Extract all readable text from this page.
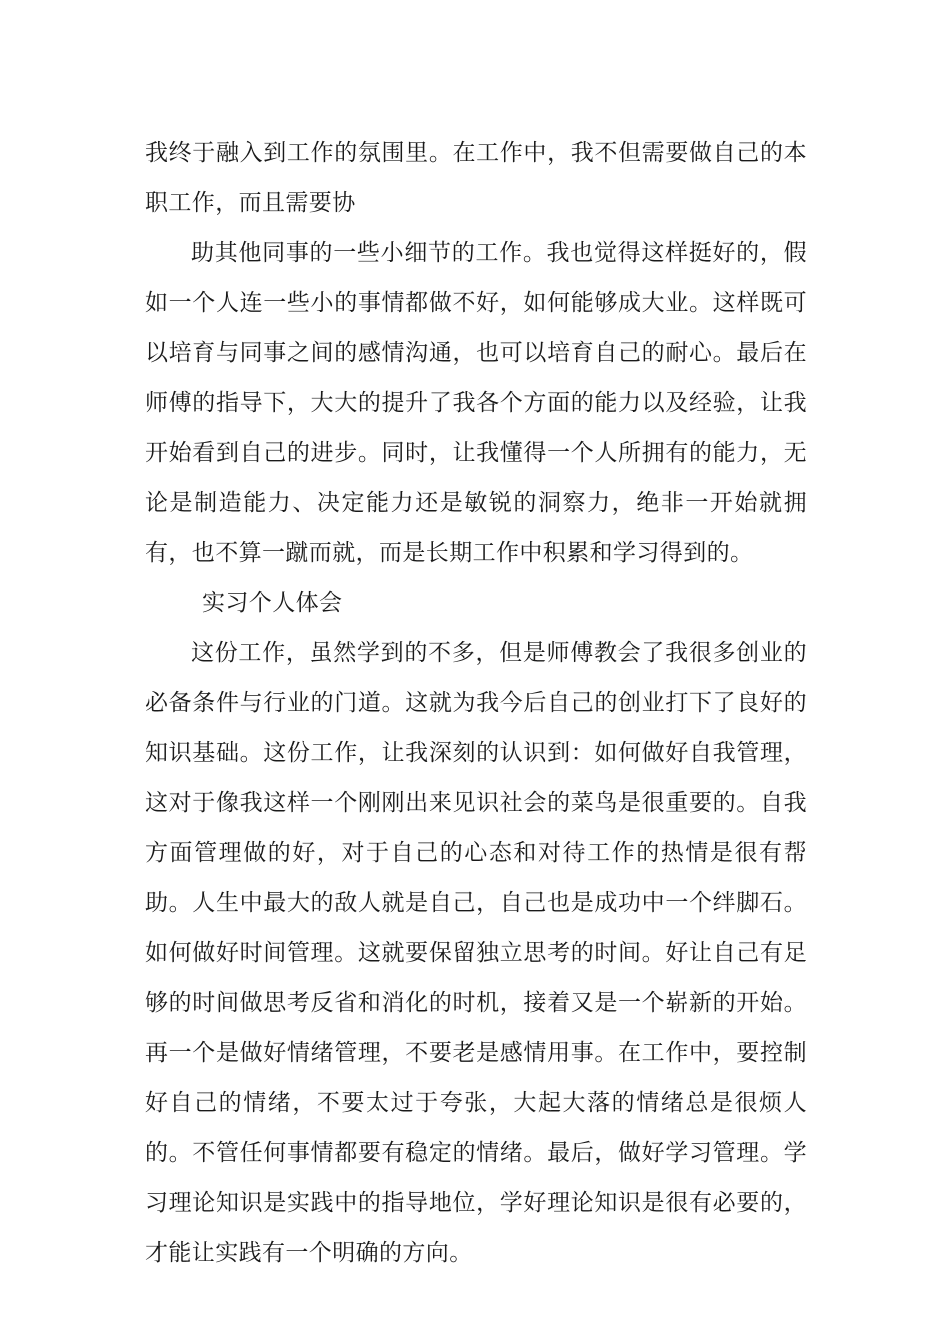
我终于融入到工作的氛围里。在工作中，我不但需要做自己的本职工作，而且需要协

助其他同事的一些小细节的工作。我也觉得这样挺好的，假如一个人连一些小的事情都做不好，如何能够成大业。这样既可以培育与同事之间的感情沟通，也可以培育自己的耐心。最后在师傅的指导下，大大的提升了我各个方面的能力以及经验，让我开始看到自己的进步。同时，让我懂得一个人所拥有的能力，无论是制造能力、决定能力还是敏锐的洞察力，绝非一开始就拥有，也不算一蹴而就，而是长期工作中积累和学习得到的。

实习个人体会

这份工作，虽然学到的不多，但是师傅教会了我很多创业的必备条件与行业的门道。这就为我今后自己的创业打下了良好的知识基础。这份工作，让我深刻的认识到：如何做好自我管理，这对于像我这样一个刚刚出来见识社会的菜鸟是很重要的。自我方面管理做的好，对于自己的心态和对待工作的热情是很有帮助。人生中最大的敌人就是自己，自己也是成功中一个绊脚石。如何做好时间管理。这就要保留独立思考的时间。好让自己有足够的时间做思考反省和消化的时机，接着又是一个崭新的开始。再一个是做好情绪管理，不要老是感情用事。在工作中，要控制好自己的情绪，不要太过于夸张，大起大落的情绪总是很烦人的。不管任何事情都要有稳定的情绪。最后，做好学习管理。学习理论知识是实践中的指导地位，学好理论知识是很有必要的，才能让实践有一个明确的方向。
